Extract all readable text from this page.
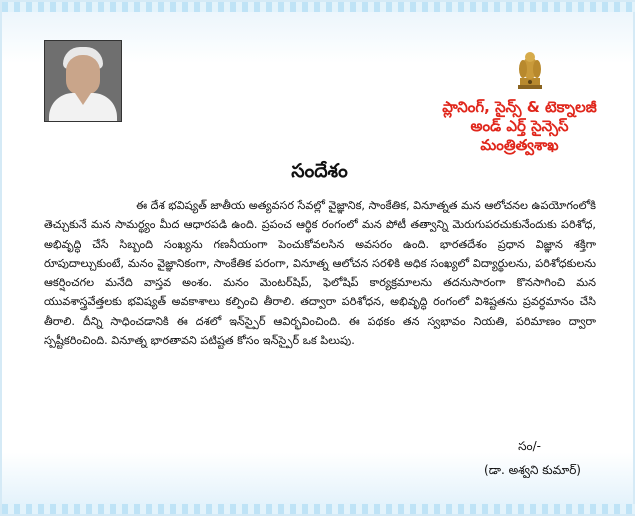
ప్లానింగ్, సైన్స్ & టెక్నాలజీ
అండ్ ఎర్త్ సైన్సెస్
మంత్రిత్వశాఖ
సందేశం

ఈ దేశ భవిష్యత్ జాతీయ అత్యవసర సేవల్లో వైజ్ఞానిక, సాంకేతిక, వినూత్నత మన ఆలోచనల ఉపయోగంలోకి తెచ్చుకునే మన సామర్థ్యం మీద ఆధారపడి ఉంది. ప్రపంచ ఆర్థిక రంగంలో మన పోటీ తత్వాన్ని మెరుగుపరచుకునేందుకు పరిశోధ, అభివృద్ధి చేసే సిబ్బంది సంఖ్యను గణనీయంగా పెంచుకోవలసిన అవసరం ఉంది. భారతదేశం ప్రధాన విజ్ఞాన శక్తిగా రూపుదాల్చుకుంటే, మనం వైజ్ఞానికంగా, సాంకేతిక పరంగా, వినూత్న ఆలోచన సరళికి అధిక సంఖ్యలో విద్యార్థులను, పరిశోధకులను ఆకర్షించగల మనేది వాస్తవ అంశం. మనం మెంటర్‌షిప్, ఫెలోషిప్ కార్యక్రమాలను తదనుసారంగా కొనసాగించి మన యువశాస్త్రవేత్తలకు భవిష్యత్ అవకాశాలు కల్పించి తీరాలి. తద్వారా పరిశోధన, అభివృద్ధి రంగంలో విశిష్టతను ప్రవర్ధమానం చేసి తీరాలి. దీన్ని సాధించడానికి ఈ దశలో ఇన్‌స్పైర్ ఆవిర్భవించింది. ఈ పథకం తన స్వభావం నియతి, పరిమాణం ద్వారా స్పష్టీకరించింది. వినూత్న భారతావని పటిష్టత కోసం ఇన్‌స్పైర్ ఒక పిలుపు.

సం/-
(డా. అశ్వని కుమార్)
